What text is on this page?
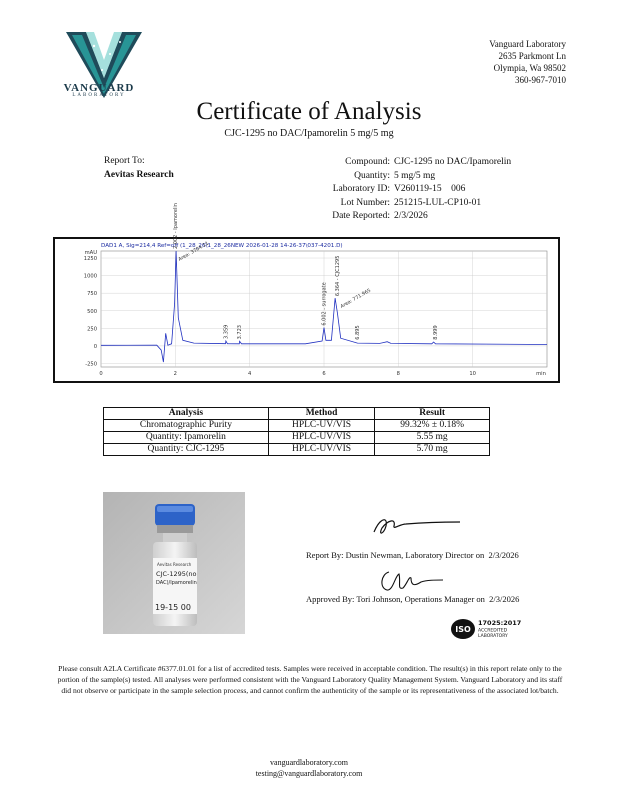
VANGUARD
LABORATORY
Vanguard Laboratory
2635 Parkmont Ln
Olympia, Wa 98502
360-967-7010
Certificate of Analysis
CJC-1295 no DAC/Ipamorelin 5 mg/5 mg
Report To:
Aevitas Research
Compound: CJC-1295 no DAC/Ipamorelin
Quantity: 5 mg/5 mg
Laboratory ID: V260119-15    006
Lot Number: 251215-LUL-CP10-01
Date Reported: 2/3/2026
DAD1 A, Sig=214,4 Ref=off (1_28_26\1_28_26NEW 2026-01-28 14-26-37\037-4201.D)
1250
1000
750
500
250
0
-250
mAU
0	2	4	6	8	10	min
2.002 - Ipamorelin
Area: 3704.11
3.359 3.723
6.002 - surrogate
6.364 - CJC1295
Area: 771.965
6.895	8.999
Analysis	Method	Result
Chromatographic Purity	HPLC-UV/VIS	99.32% ± 0.18%
Quantity: Ipamorelin	HPLC-UV/VIS	5.55 mg
Quantity: CJC-1295	HPLC-UV/VIS	5.70 mg
Aevitas Research
CJC-1295(no
DAC)/Ipamorelin
19-15 00
Report By: Dustin Newman, Laboratory Director on 2/3/2026
Approved By: Tori Johnson, Operations Manager on 2/3/2026
ISO
17025:2017
ACCREDITED
LABORATORY
Please consult A2LA Certificate #6377.01.01 for a list of accredited tests. Samples were received in acceptable condition. The result(s) in this report relate only to the portion of the sample(s) tested. All analyses were performed consistent with the Vanguard Laboratory Quality Management System. Vanguard Laboratory and its staff did not observe or participate in the sample selection process, and cannot confirm the authenticity of the sample or its representativeness of the associated lot/batch.
vanguardlaboratory.com
testing@vanguardlaboratory.com
